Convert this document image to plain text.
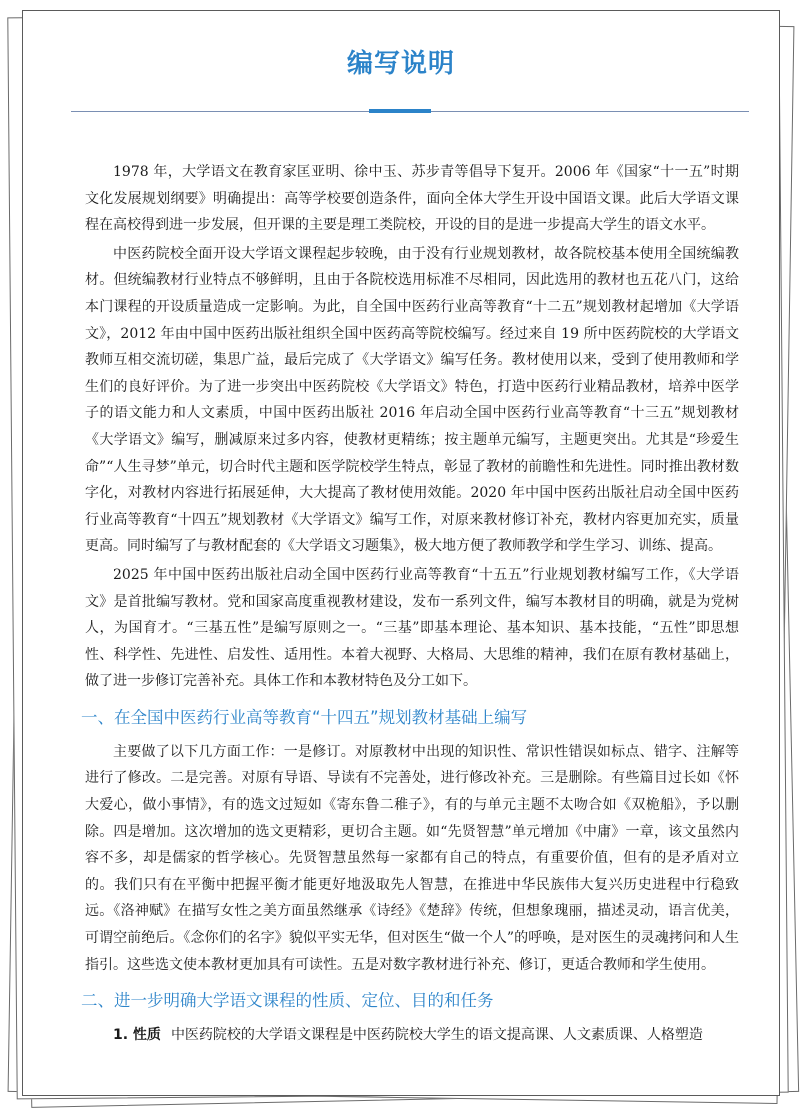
编写说明

1978 年，大学语文在教育家匡亚明、徐中玉、苏步青等倡导下复开。2006 年《国家“十一五”时期文化发展规划纲要》明确提出：高等学校要创造条件，面向全体大学生开设中国语文课。此后大学语文课程在高校得到进一步发展，但开课的主要是理工类院校，开设的目的是进一步提高大学生的语文水平。

中医药院校全面开设大学语文课程起步较晚，由于没有行业规划教材，故各院校基本使用全国统编教材。但统编教材行业特点不够鲜明，且由于各院校选用标准不尽相同，因此选用的教材也五花八门，这给本门课程的开设质量造成一定影响。为此，自全国中医药行业高等教育“十二五”规划教材起增加《大学语文》，2012 年由中国中医药出版社组织全国中医药高等院校编写。经过来自 19 所中医药院校的大学语文教师互相交流切磋，集思广益，最后完成了《大学语文》编写任务。教材使用以来，受到了使用教师和学生们的良好评价。为了进一步突出中医药院校《大学语文》特色，打造中医药行业精品教材，培养中医学子的语文能力和人文素质，中国中医药出版社 2016 年启动全国中医药行业高等教育“十三五”规划教材《大学语文》编写，删减原来过多内容，使教材更精练；按主题单元编写，主题更突出。尤其是“珍爱生命”“人生寻梦”单元，切合时代主题和医学院校学生特点，彰显了教材的前瞻性和先进性。同时推出教材数字化，对教材内容进行拓展延伸，大大提高了教材使用效能。2020 年中国中医药出版社启动全国中医药行业高等教育“十四五”规划教材《大学语文》编写工作，对原来教材修订补充，教材内容更加充实，质量更高。同时编写了与教材配套的《大学语文习题集》，极大地方便了教师教学和学生学习、训练、提高。

2025 年中国中医药出版社启动全国中医药行业高等教育“十五五”行业规划教材编写工作，《大学语文》是首批编写教材。党和国家高度重视教材建设，发布一系列文件，编写本教材目的明确，就是为党树人，为国育才。“三基五性”是编写原则之一。“三基”即基本理论、基本知识、基本技能，“五性”即思想性、科学性、先进性、启发性、适用性。本着大视野、大格局、大思维的精神，我们在原有教材基础上，做了进一步修订完善补充。具体工作和本教材特色及分工如下。

一、在全国中医药行业高等教育“十四五”规划教材基础上编写

主要做了以下几方面工作：一是修订。对原教材中出现的知识性、常识性错误如标点、错字、注解等进行了修改。二是完善。对原有导语、导读有不完善处，进行修改补充。三是删除。有些篇目过长如《怀大爱心，做小事情》，有的选文过短如《寄东鲁二稚子》，有的与单元主题不太吻合如《双桅船》，予以删除。四是增加。这次增加的选文更精彩，更切合主题。如“先贤智慧”单元增加《中庸》一章，该文虽然内容不多，却是儒家的哲学核心。先贤智慧虽然每一家都有自己的特点，有重要价值，但有的是矛盾对立的。我们只有在平衡中把握平衡才能更好地汲取先人智慧，在推进中华民族伟大复兴历史进程中行稳致远。《洛神赋》在描写女性之美方面虽然继承《诗经》《楚辞》传统，但想象瑰丽，描述灵动，语言优美，可谓空前绝后。《念你们的名字》貌似平实无华，但对医生“做一个人”的呼唤，是对医生的灵魂拷问和人生指引。这些选文使本教材更加具有可读性。五是对数字教材进行补充、修订，更适合教师和学生使用。

二、进一步明确大学语文课程的性质、定位、目的和任务

1. 性质 中医药院校的大学语文课程是中医药院校大学生的语文提高课、人文素质课、人格塑造
